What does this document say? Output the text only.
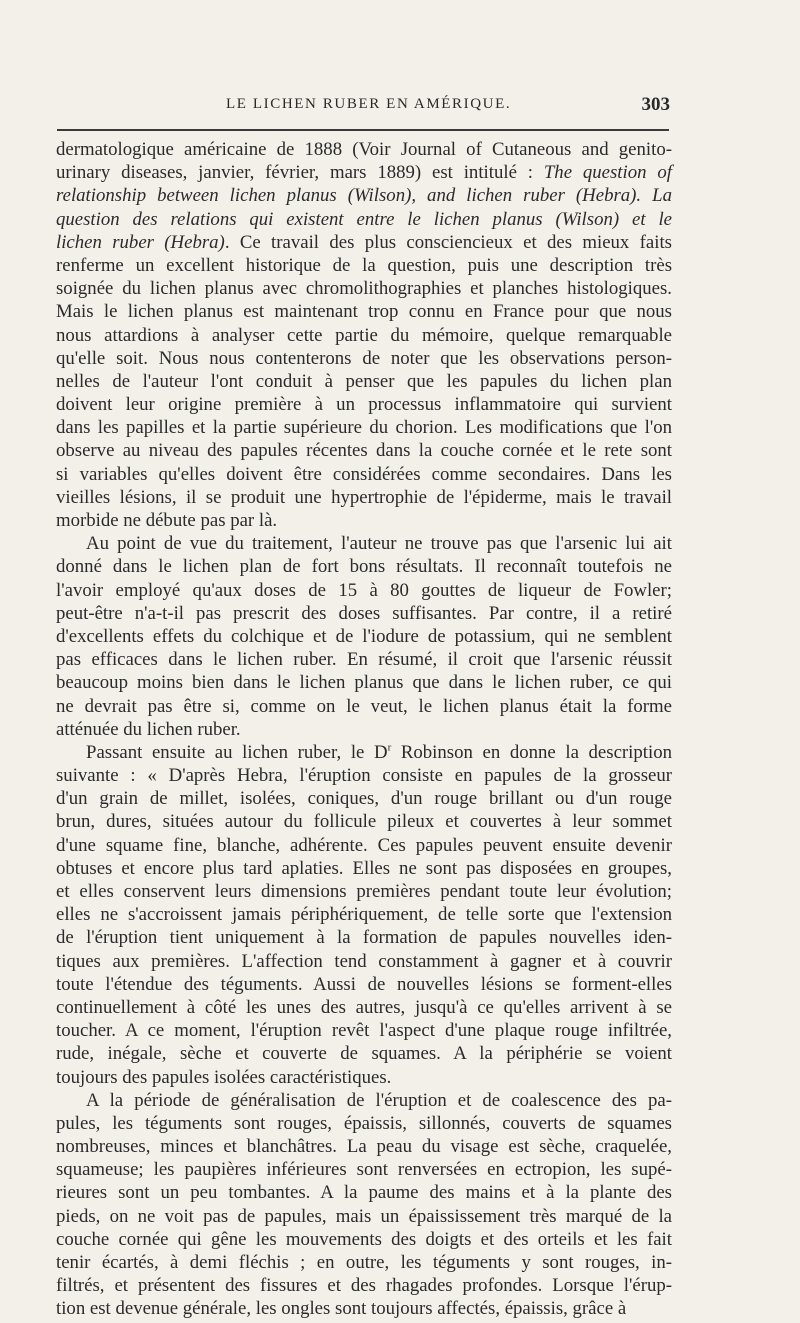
LE LICHEN RUBER EN AMÉRIQUE.	303
dermatologique américaine de 1888 (Voir Journal of Cutaneous and genito-
urinary diseases, janvier, février, mars 1889) est intitulé : The question of
relationship between lichen planus (Wilson), and lichen ruber (Hebra). La
question des relations qui existent entre le lichen planus (Wilson) et le
lichen ruber (Hebra). Ce travail des plus consciencieux et des mieux faits
renferme un excellent historique de la question, puis une description très
soignée du lichen planus avec chromolithographies et planches histologiques.
Mais le lichen planus est maintenant trop connu en France pour que nous
nous attardions à analyser cette partie du mémoire, quelque remarquable
qu'elle soit. Nous nous contenterons de noter que les observations person-
nelles de l'auteur l'ont conduit à penser que les papules du lichen plan
doivent leur origine première à un processus inflammatoire qui survient
dans les papilles et la partie supérieure du chorion. Les modifications que l'on
observe au niveau des papules récentes dans la couche cornée et le rete sont
si variables qu'elles doivent être considérées comme secondaires. Dans les
vieilles lésions, il se produit une hypertrophie de l'épiderme, mais le travail
morbide ne débute pas par là.
Au point de vue du traitement, l'auteur ne trouve pas que l'arsenic lui ait
donné dans le lichen plan de fort bons résultats. Il reconnaît toutefois ne
l'avoir employé qu'aux doses de 15 à 80 gouttes de liqueur de Fowler;
peut-être n'a-t-il pas prescrit des doses suffisantes. Par contre, il a retiré
d'excellents effets du colchique et de l'iodure de potassium, qui ne semblent
pas efficaces dans le lichen ruber. En résumé, il croit que l'arsenic réussit
beaucoup moins bien dans le lichen planus que dans le lichen ruber, ce qui
ne devrait pas être si, comme on le veut, le lichen planus était la forme
atténuée du lichen ruber.
Passant ensuite au lichen ruber, le $D^r$ Robinson en donne la description
suivante : « D'après Hebra, l'éruption consiste en papules de la grosseur
d'un grain de millet, isolées, coniques, d'un rouge brillant ou d'un rouge
brun, dures, situées autour du follicule pileux et couvertes à leur sommet
d'une squame fine, blanche, adhérente. Ces papules peuvent ensuite devenir
obtuses et encore plus tard aplaties. Elles ne sont pas disposées en groupes,
et elles conservent leurs dimensions premières pendant toute leur évolution;
elles ne s'accroissent jamais périphériquement, de telle sorte que l'extension
de l'éruption tient uniquement à la formation de papules nouvelles iden-
tiques aux premières. L'affection tend constamment à gagner et à couvrir
toute l'étendue des téguments. Aussi de nouvelles lésions se forment-elles
continuellement à côté les unes des autres, jusqu'à ce qu'elles arrivent à se
toucher. A ce moment, l'éruption revêt l'aspect d'une plaque rouge infiltrée,
rude, inégale, sèche et couverte de squames. A la périphérie se voient
toujours des papules isolées caractéristiques.
A la période de généralisation de l'éruption et de coalescence des pa-
pules, les téguments sont rouges, épaissis, sillonnés, couverts de squames
nombreuses, minces et blanchâtres. La peau du visage est sèche, craquelée,
squameuse; les paupières inférieures sont renversées en ectropion, les supé-
rieures sont un peu tombantes. A la paume des mains et à la plante des
pieds, on ne voit pas de papules, mais un épaississement très marqué de la
couche cornée qui gêne les mouvements des doigts et des orteils et les fait
tenir écartés, à demi fléchis ; en outre, les téguments y sont rouges, in-
filtrés, et présentent des fissures et des rhagades profondes. Lorsque l'érup-
tion est devenue générale, les ongles sont toujours affectés, épaissis, grâce à
